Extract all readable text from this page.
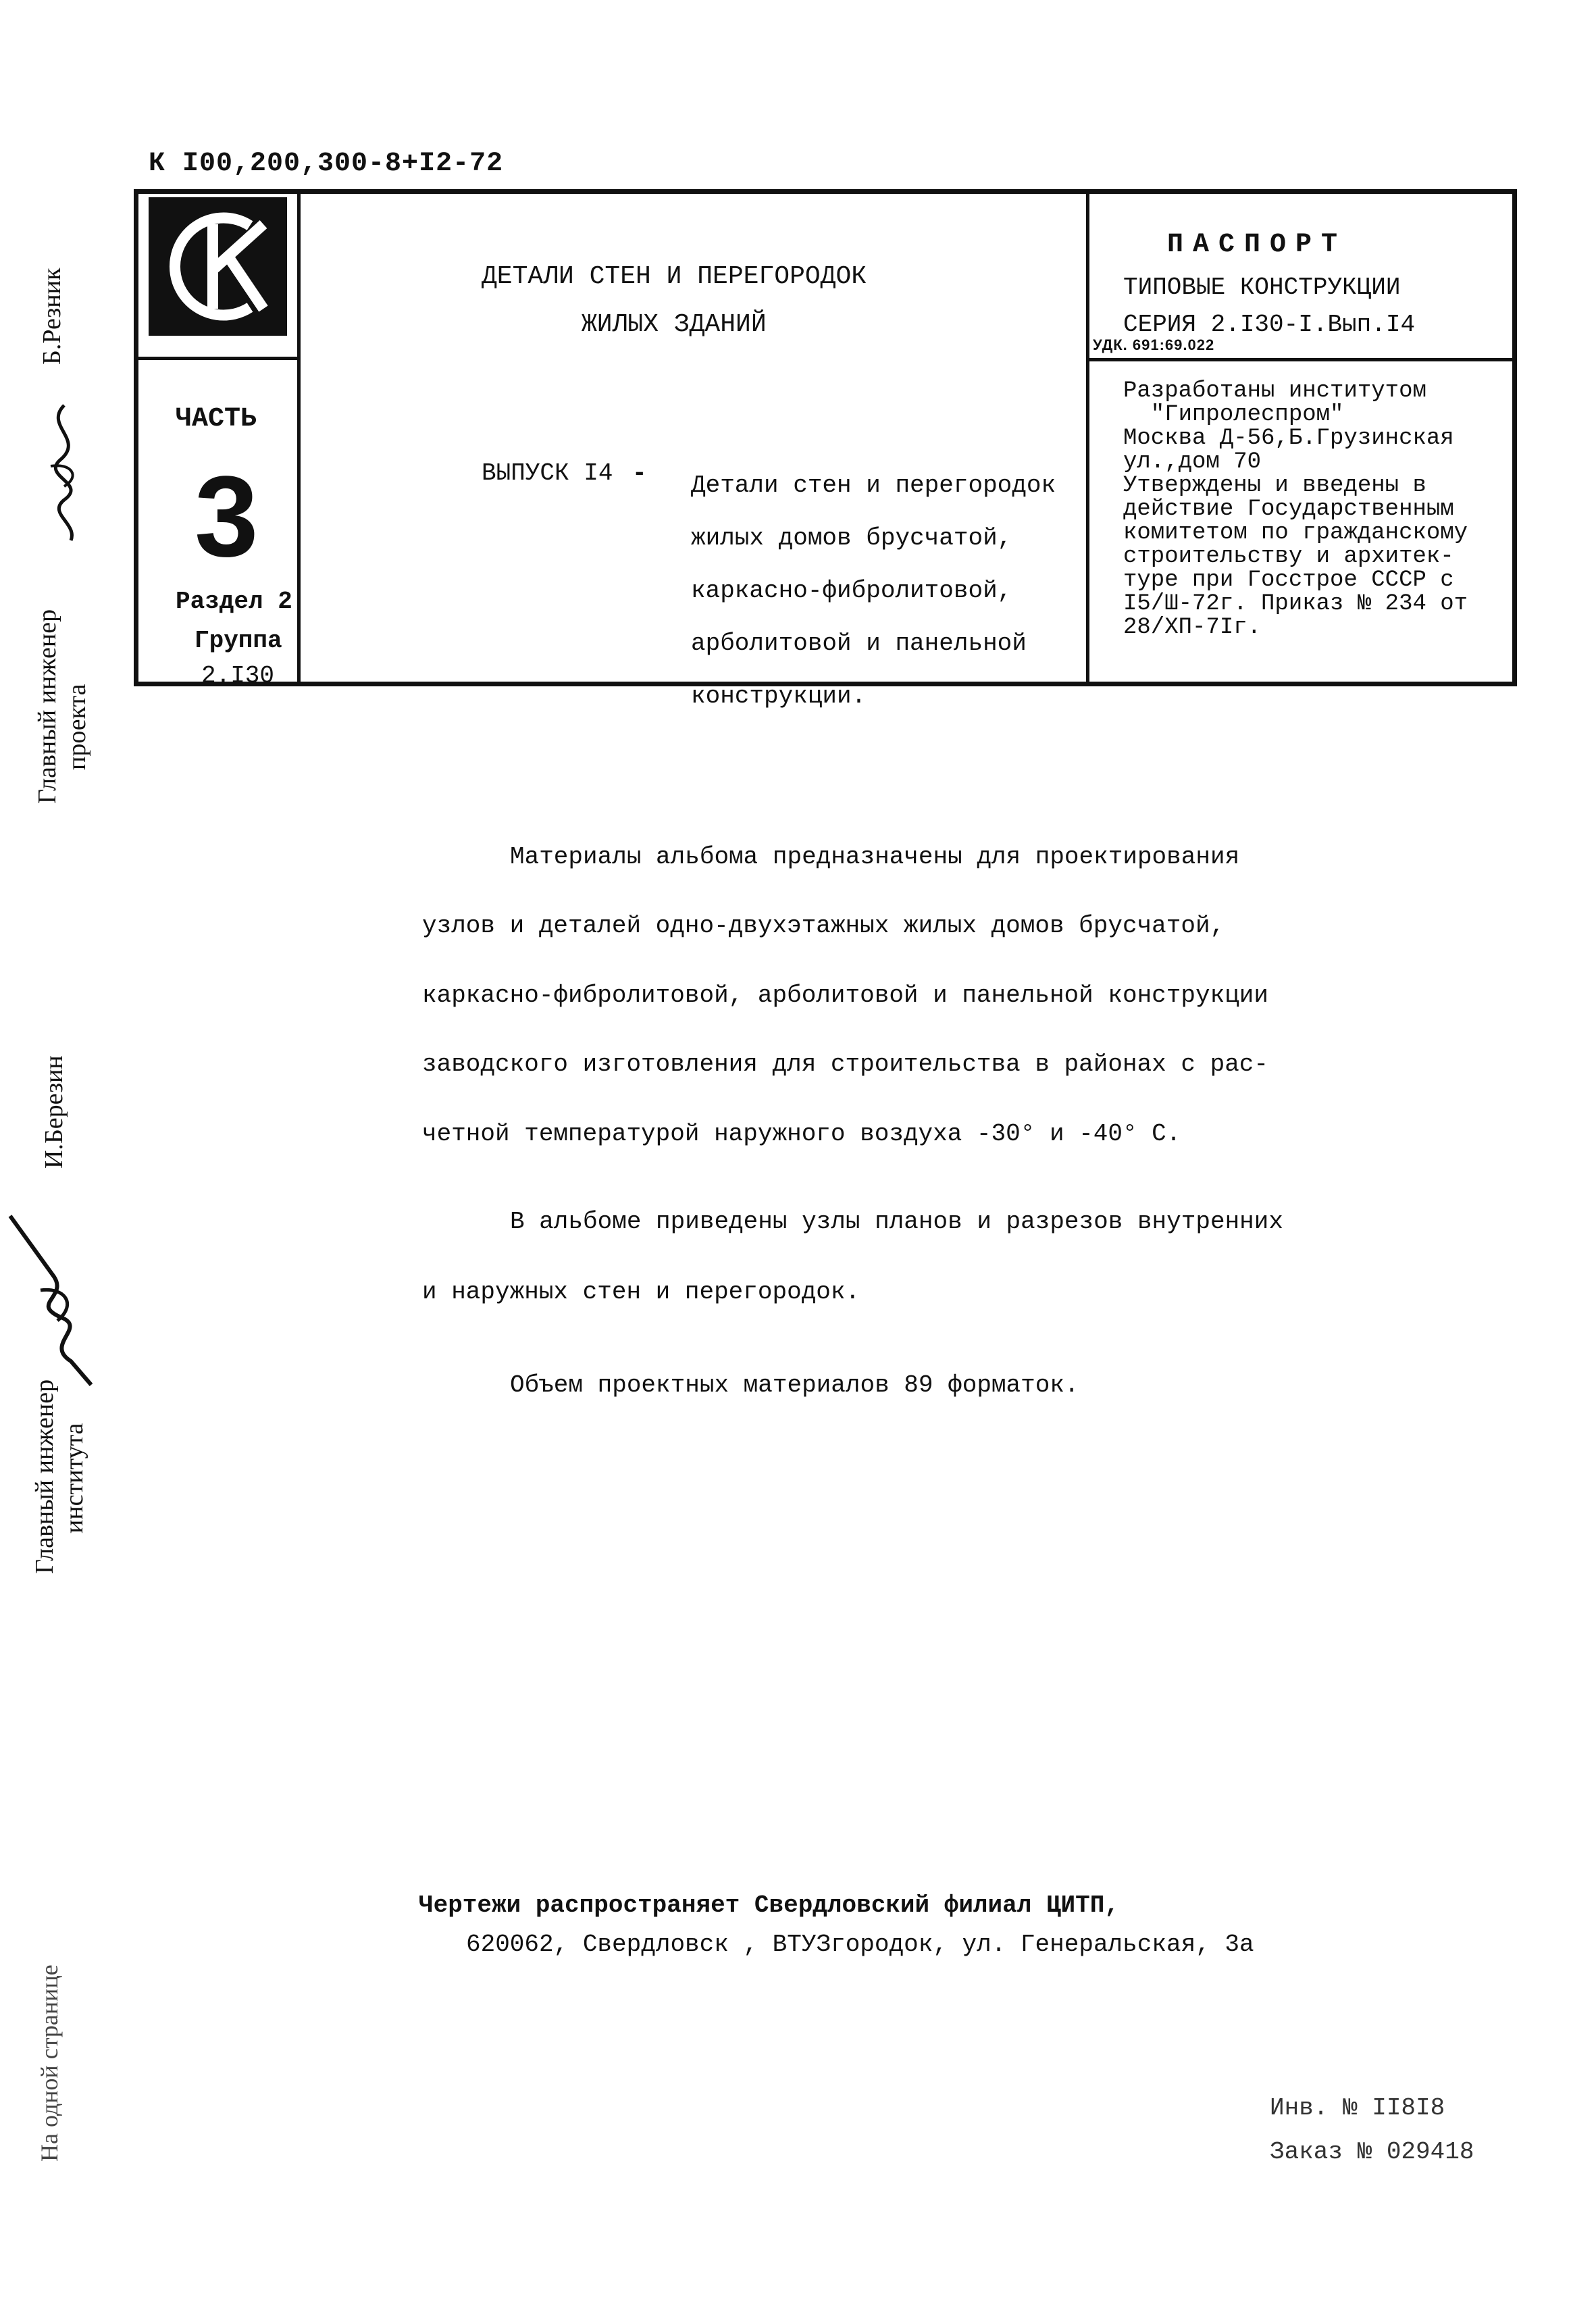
К I00,200,300-8+I2-72
ЧАСТЬ
3
Раздел 2
Группа
2.I30
ДЕТАЛИ СТЕН И ПЕРЕГОРОДОК
ЖИЛЫХ ЗДАНИЙ
ВЫПУСК I4 - Детали стен и перегородок
жилых домов брусчатой,
каркасно-фибролитовой,
арболитовой и панельной
конструкции.
ПАСПОРТ
ТИПОВЫЕ КОНСТРУКЦИИ
СЕРИЯ 2.I30-I.Вып.I4
УДК. 691:69.022
Разработаны институтом
"Гипролеспром"
Москва Д-56,Б.Грузинская
ул.,дом 70
Утверждены и введены в
действие Государственным
комитетом по гражданскому
строительству и архитек-
туре при Госстрое СССР с
I5/Ш-72г. Приказ № 234 от
28/ХП-7Iг.
Материалы альбома предназначены для проектирования
узлов и деталей одно-двухэтажных жилых домов брусчатой,
каркасно-фибролитовой, арболитовой и панельной конструкции
заводского изготовления для строительства в районах с рас-
четной температурой наружного воздуха -30° и -40° С.
В альбоме приведены узлы планов и разрезов внутренних
и наружных стен и перегородок.
Объем проектных материалов 89 форматок.
Чертежи распространяет Свердловский филиал ЦИТП,
620062, Свердловск , ВТУЗгородок, ул. Генеральская, 3а
Инв. № II8I8
Заказ № 029418
Б.Резник
Главный инженер проекта
И.Березин
Главный инженер института
На одной странице
